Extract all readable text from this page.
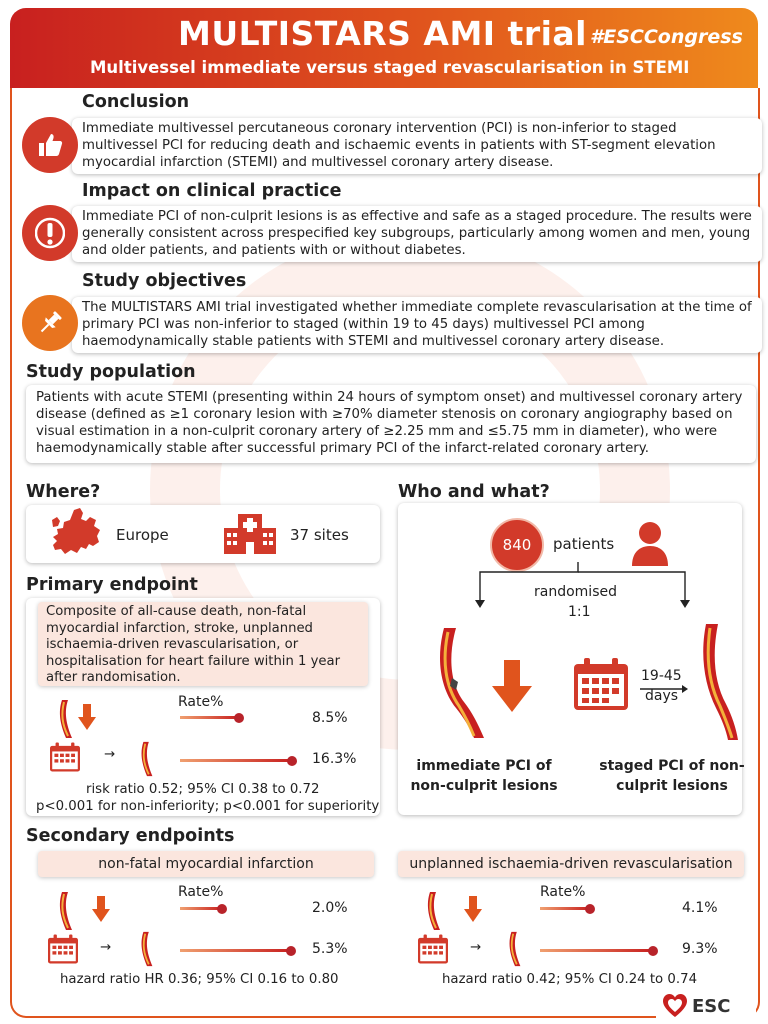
MULTISTARS AMI trial #ESCCongress
Multivessel immediate versus staged revascularisation in STEMI
Conclusion
Immediate multivessel percutaneous coronary intervention (PCI) is non-inferior to staged multivessel PCI for reducing death and ischaemic events in patients with ST-segment elevation myocardial infarction (STEMI) and multivessel coronary artery disease.
Impact on clinical practice
Immediate PCI of non-culprit lesions is as effective and safe as a staged procedure. The results were generally consistent across prespecified key subgroups, particularly among women and men, young and older patients, and patients with or without diabetes.
Study objectives
The MULTISTARS AMI trial investigated whether immediate complete revascularisation at the time of primary PCI was non-inferior to staged (within 19 to 45 days) multivessel PCI among haemodynamically stable patients with STEMI and multivessel coronary artery disease.
Study population
Patients with acute STEMI (presenting within 24 hours of symptom onset) and multivessel coronary artery disease (defined as ≥1 coronary lesion with ≥70% diameter stenosis on coronary angiography based on visual estimation in a non-culprit coronary artery of ≥2.25 mm and ≤5.75 mm in diameter), who were haemodynamically stable after successful primary PCI of the infarct-related coronary artery.
Where?
Europe	37 sites
Who and what?
840 patients
randomised
1:1
19-45
days
immediate PCI of non-culprit lesions
staged PCI of non-culprit lesions
Primary endpoint
Composite of all-cause death, non-fatal myocardial infarction, stroke, unplanned ischaemia-driven revascularisation, or hospitalisation for heart failure within 1 year after randomisation.
Rate%
→
8.5%
16.3%
risk ratio 0.52; 95% CI 0.38 to 0.72
p<0.001 for non-inferiority; p<0.001 for superiority
Secondary endpoints
non-fatal myocardial infarction
Rate%
→
2.0%
5.3%
hazard ratio HR 0.36; 95% CI 0.16 to 0.80
unplanned ischaemia-driven revascularisation
Rate%
→
4.1%
9.3%
hazard ratio 0.42; 95% CI 0.24 to 0.74
ESC
